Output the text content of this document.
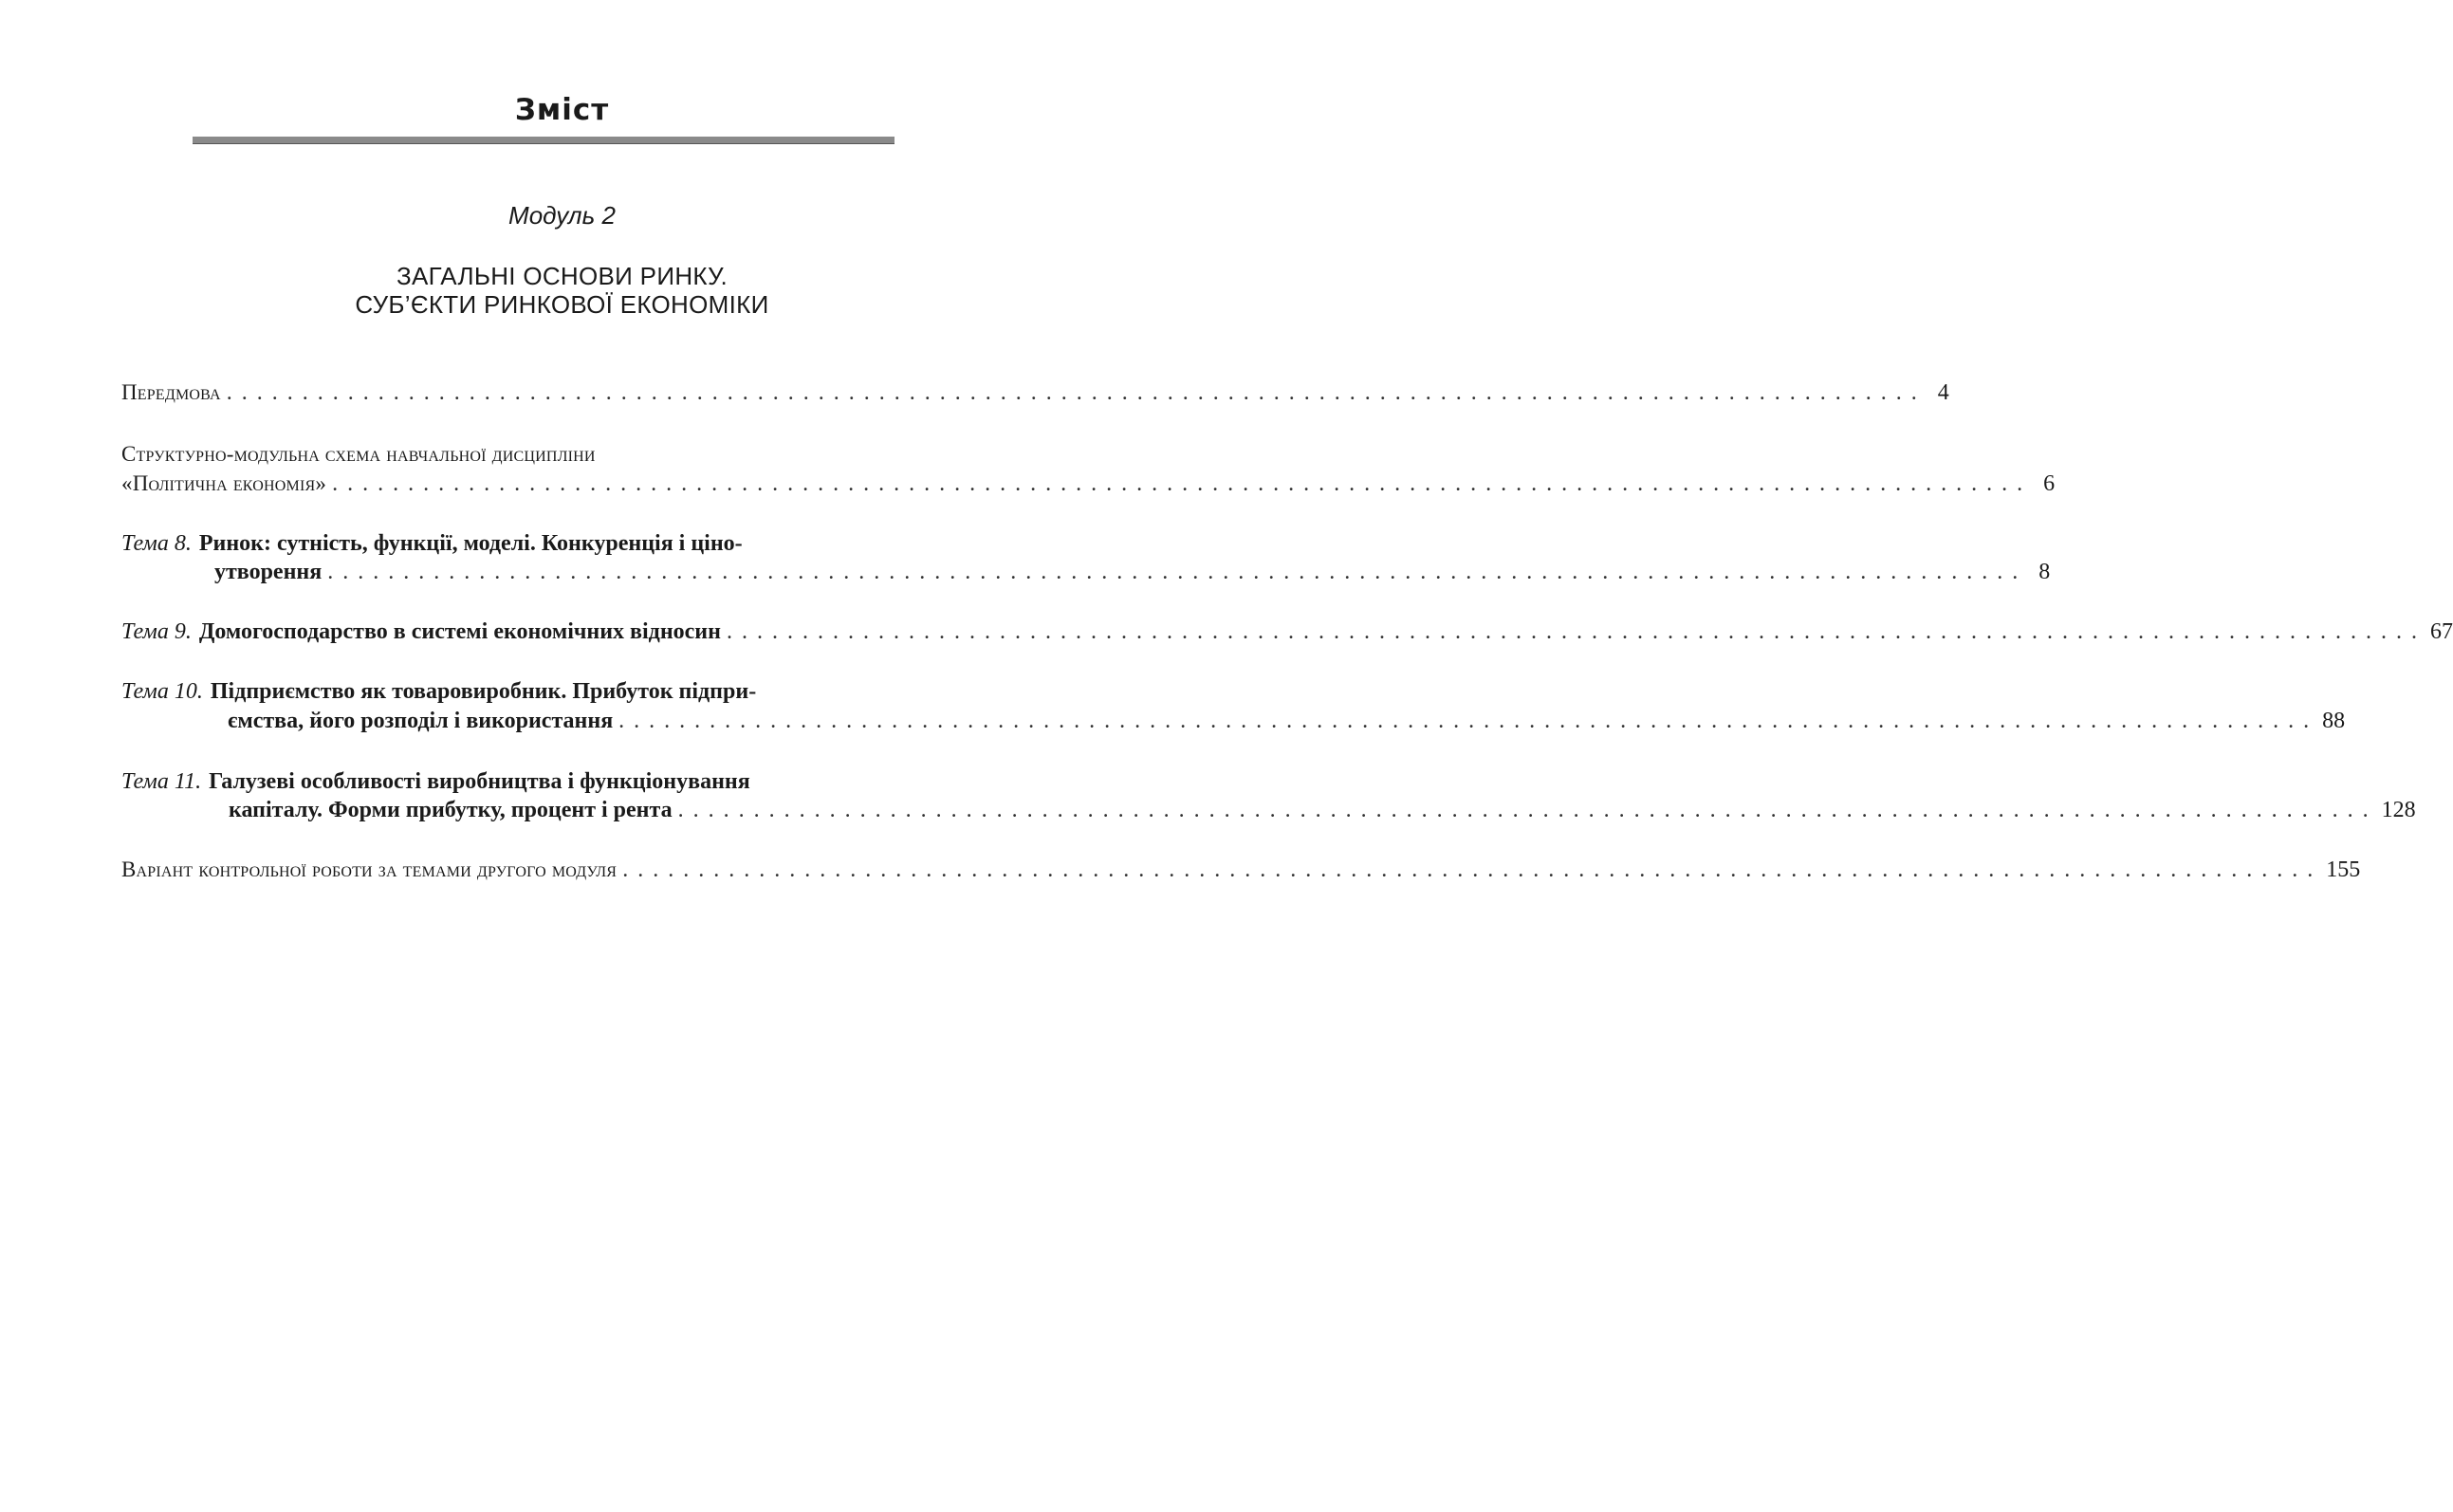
Зміст
Модуль 2
ЗАГАЛЬНІ ОСНОВИ РИНКУ.
СУБ’ЄКТИ РИНКОВОЇ ЕКОНОМІКИ
Передмова ................................................................................................................ 4
Структурно-модульна схема навчальної дисципліни
«Політична економія» ................................................................................................................ 6
Тема 8. Ринок: сутність, функції, моделі. Конкуренція і ціно-
утворення ................................................................................................................ 8
Тема 9. Домогосподарство в системі економічних відносин ................................................................................................................ 67
Тема 10. Підприємство як товаровиробник. Прибуток підпри-
ємства, його розподіл і використання ................................................................................................................ 88
Тема 11. Галузеві особливості виробництва і функціонування
капіталу. Форми прибутку, процент і рента ................................................................................................................ 128
Варіант контрольної роботи за темами другого модуля ................................................................................................................ 155
